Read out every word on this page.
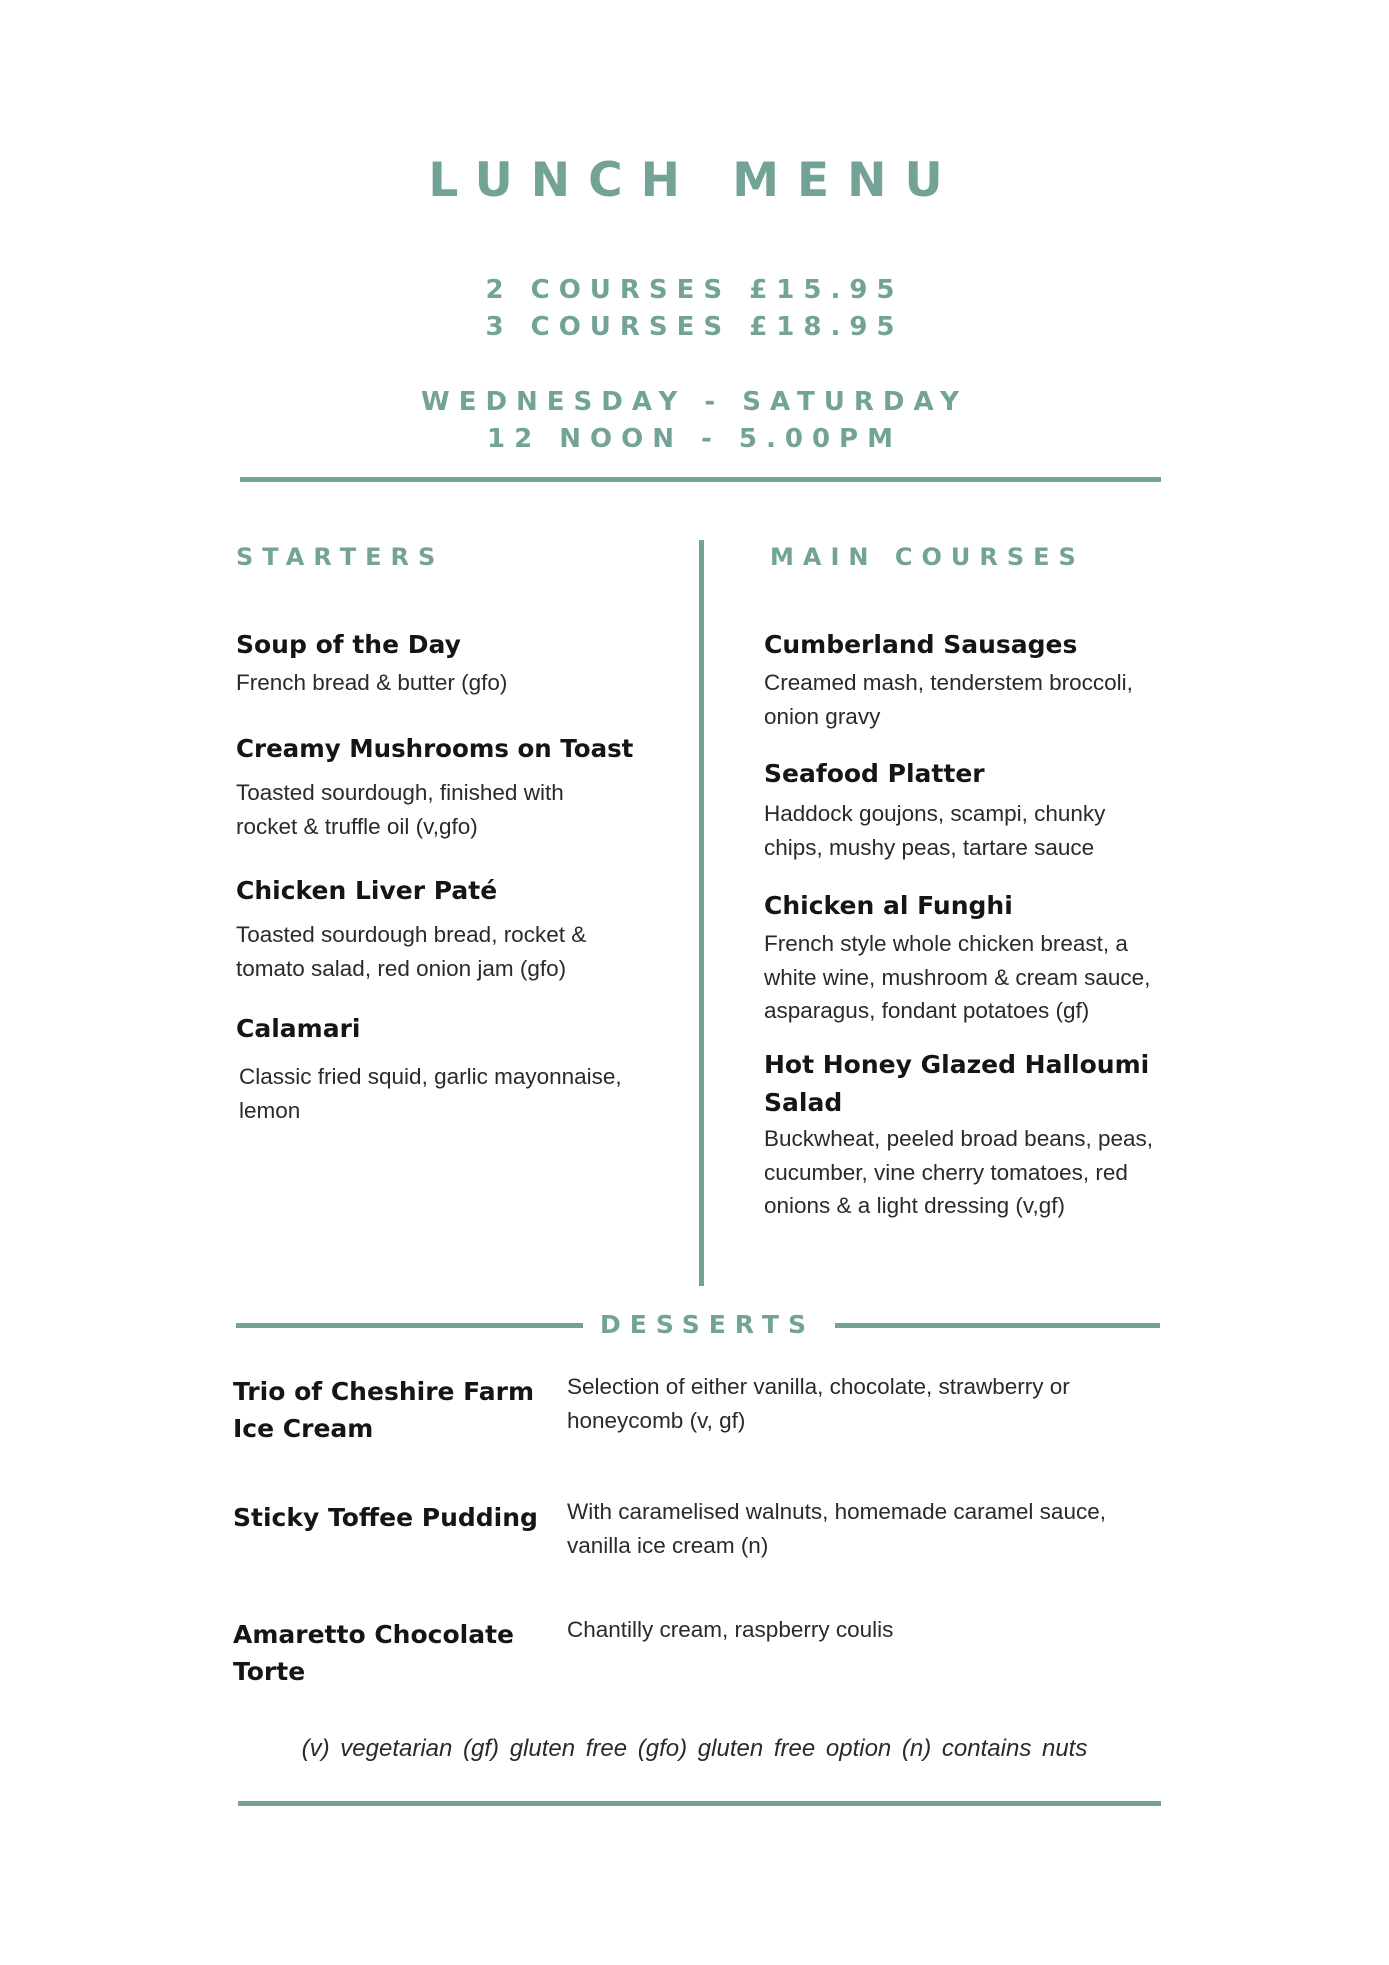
LUNCH MENU
2 COURSES £15.95
3 COURSES £18.95
WEDNESDAY - SATURDAY
12 NOON - 5.00PM
STARTERS
Soup of the Day
French bread & butter (gfo)
Creamy Mushrooms on Toast
Toasted sourdough, finished with rocket & truffle oil (v,gfo)
Chicken Liver Paté
Toasted sourdough bread, rocket & tomato salad, red onion jam (gfo)
Calamari
Classic fried squid, garlic mayonnaise, lemon
MAIN COURSES
Cumberland Sausages
Creamed mash, tenderstem broccoli, onion gravy
Seafood Platter
Haddock goujons, scampi, chunky chips, mushy peas, tartare sauce
Chicken al Funghi
French style whole chicken breast, a white wine, mushroom & cream sauce, asparagus, fondant potatoes (gf)
Hot Honey Glazed Halloumi Salad
Buckwheat, peeled broad beans, peas, cucumber, vine cherry tomatoes, red onions & a light dressing (v,gf)
DESSERTS
Trio of Cheshire Farm Ice Cream
Selection of either vanilla, chocolate, strawberry or honeycomb (v, gf)
Sticky Toffee Pudding	With caramelised walnuts, homemade caramel sauce, vanilla ice cream (n)
Amaretto Chocolate Torte
Chantilly cream, raspberry coulis
(v) vegetarian (gf) gluten free (gfo) gluten free option (n) contains nuts
